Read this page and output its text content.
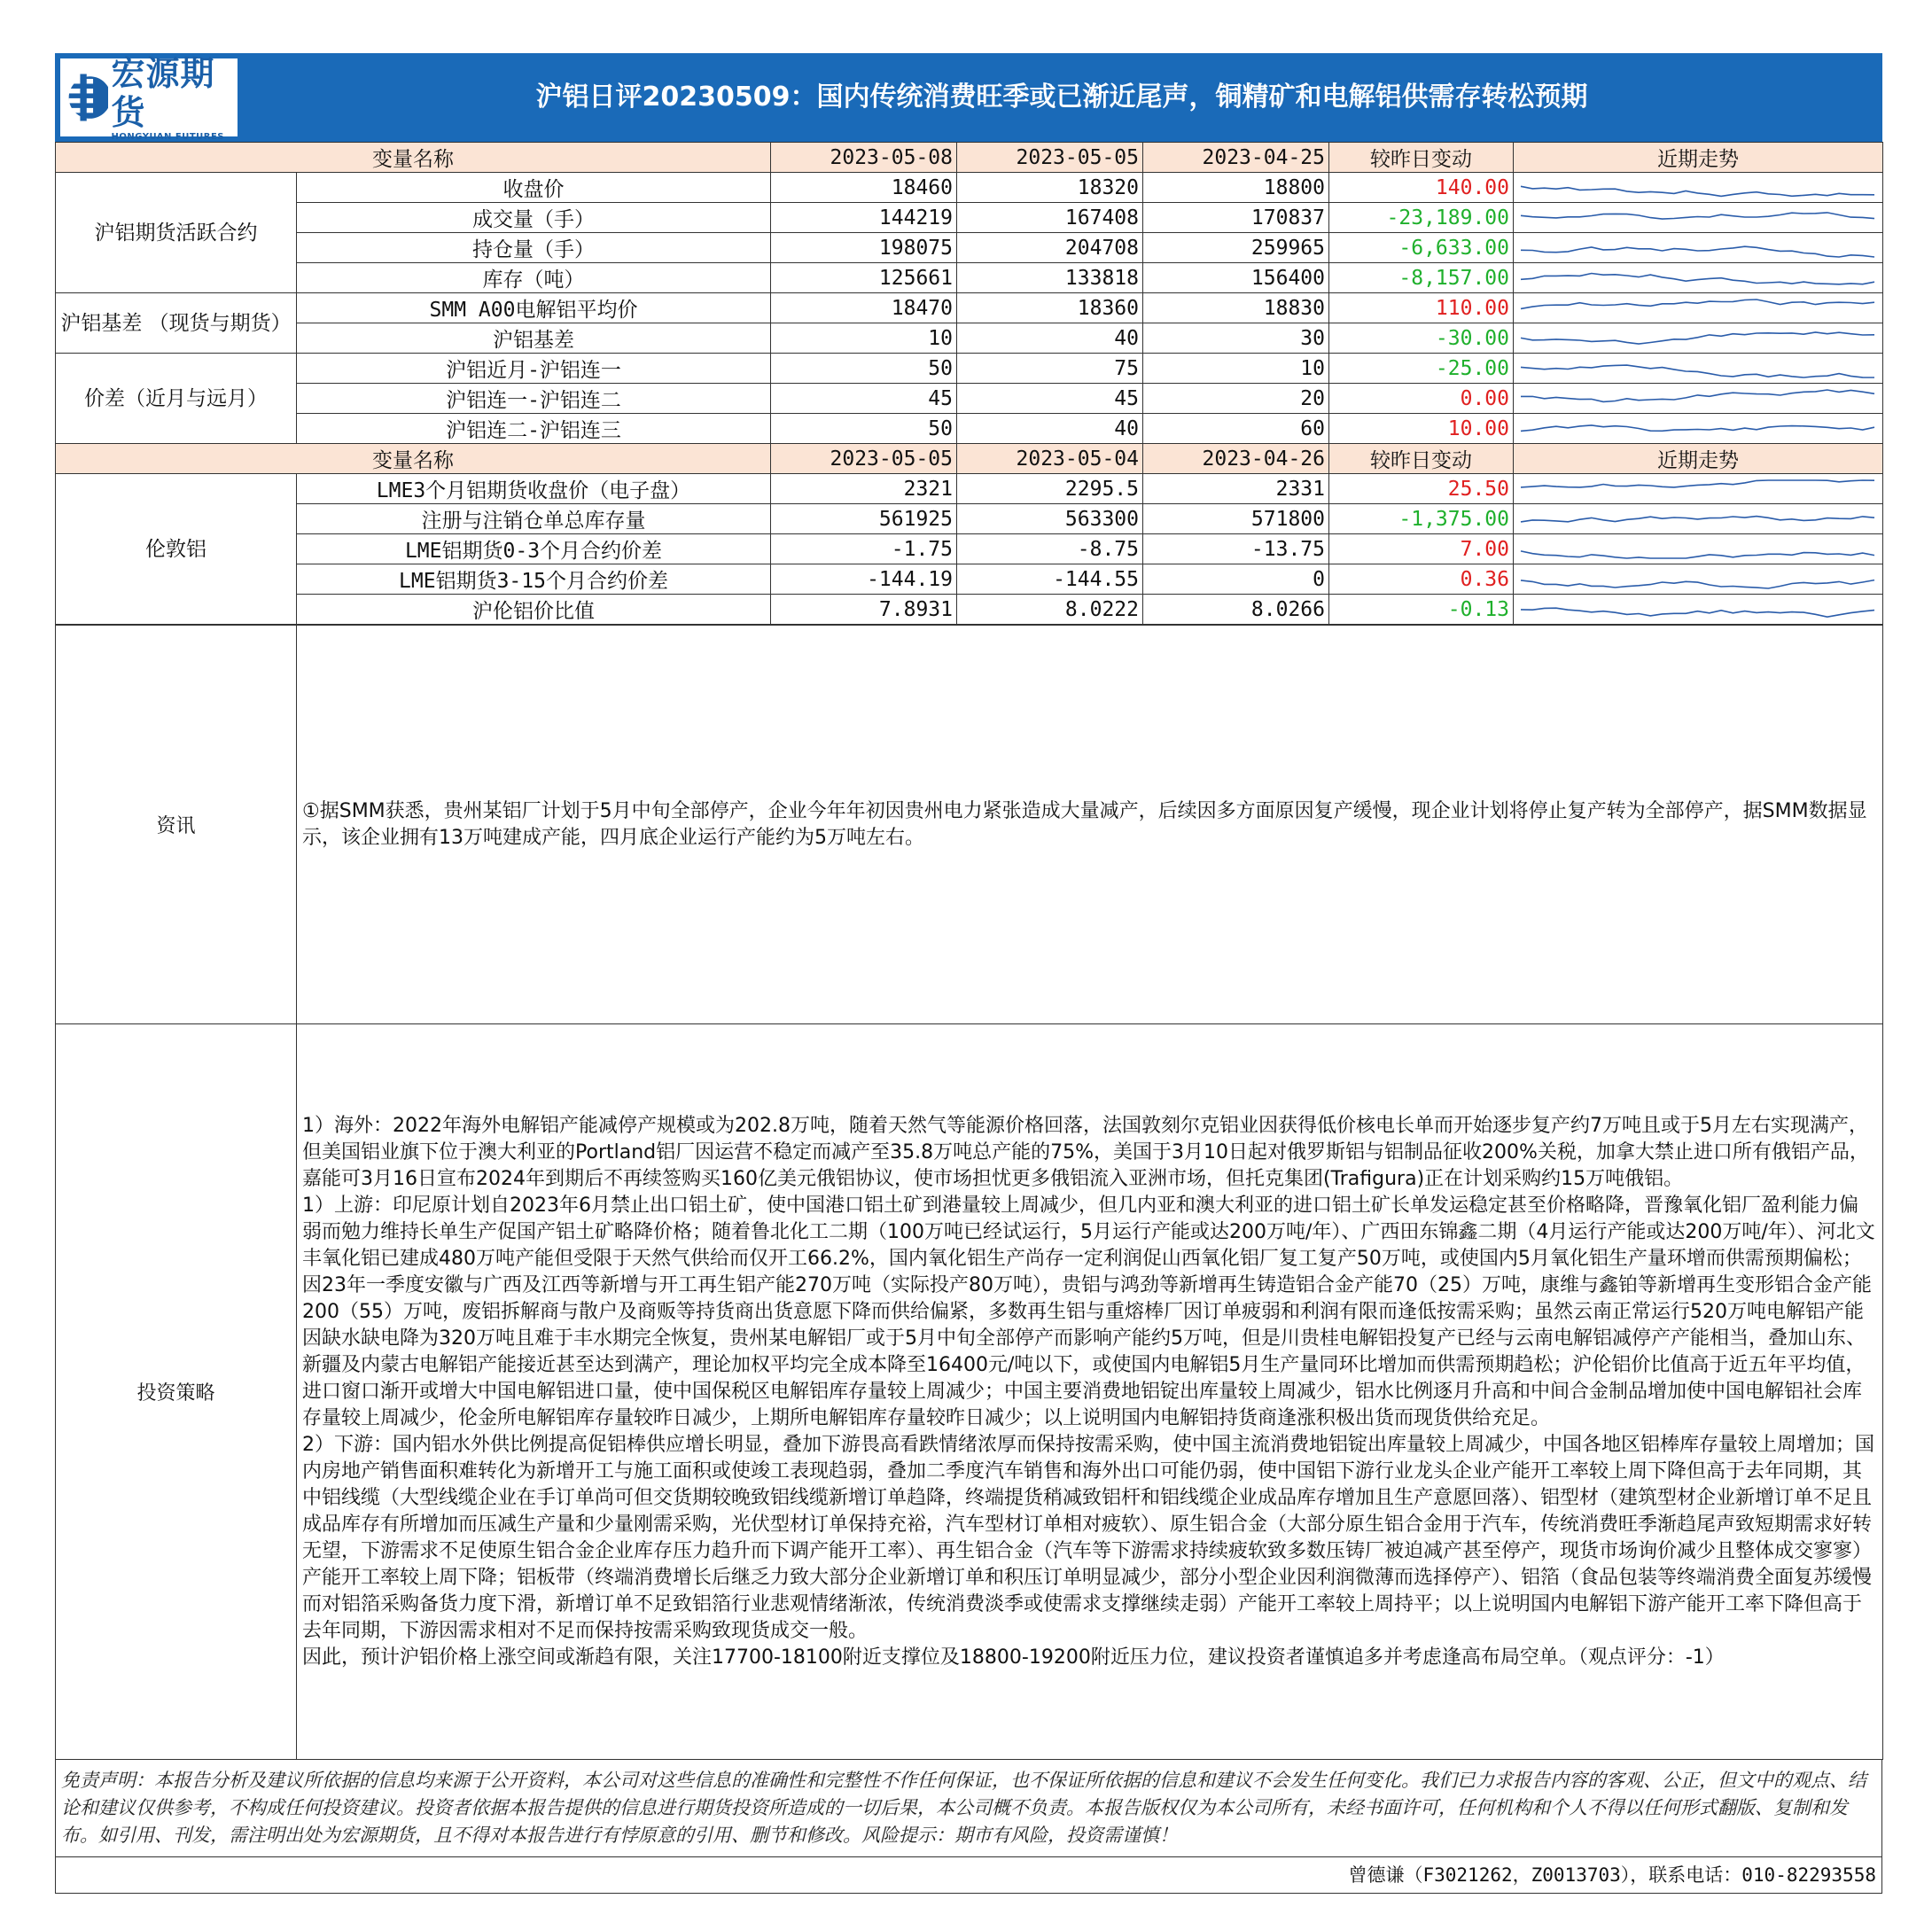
宏源期货
HONGYUAN FUTURES
沪铝日评20230509：国内传统消费旺季或已渐近尾声，铜精矿和电解铝供需存转松预期
变量名称		2023-05-08	2023-05-05	2023-04-25	较昨日变动	近期走势
沪铝期货活跃合约	收盘价	18460	18320	18800	140.00	

	成交量（手）	144219	167408	170837	-23,189.00	

	持仓量（手）	198075	204708	259965	-6,633.00	

	库存（吨）	125661	133818	156400	-8,157.00	

沪铝基差 （现货与期货）	SMM A00电解铝平均价	18470	18360	18830	110.00	

	沪铝基差	10	40	30	-30.00	

价差（近月与远月）	沪铝近月-沪铝连一	50	75	10	-25.00	

	沪铝连一-沪铝连二	45	45	20	0.00	

	沪铝连二-沪铝连三	50	40	60	10.00	

变量名称		2023-05-05	2023-05-04	2023-04-26	较昨日变动	近期走势
伦敦铝	LME3个月铝期货收盘价（电子盘）	2321	2295.5	2331	25.50	

	注册与注销仓单总库存量	561925	563300	571800	-1,375.00	

	LME铝期货0-3个月合约价差	-1.75	-8.75	-13.75	7.00	

	LME铝期货3-15个月合约价差	-144.19	-144.55	0	0.36	

	沪伦铝价比值	7.8931	8.0222	8.0266	-0.13	
资讯	①据SMM获悉，贵州某铝厂计划于5月中旬全部停产，企业今年年初因贵州电力紧张造成大量减产，后续因多方面原因复产缓慢，现企业计划将停止复产转为全部停产，据SMM数据显示，该企业拥有13万吨建成产能，四月底企业运行产能约为5万吨左右。
投资策略	1）海外：2022年海外电解铝产能减停产规模或为202.8万吨，随着天然气等能源价格回落，法国敦刻尔克铝业因获得低价核电长单而开始逐步复产约7万吨且或于5月左右实现满产，但美国铝业旗下位于澳大利亚的Portland铝厂因运营不稳定而减产至35.8万吨总产能的75%，美国于3月10日起对俄罗斯铝与铝制品征收200%关税，加拿大禁止进口所有俄铝产品，嘉能可3月16日宣布2024年到期后不再续签购买160亿美元俄铝协议，使市场担忧更多俄铝流入亚洲市场，但托克集团(Trafigura)正在计划采购约15万吨俄铝。
1）上游：印尼原计划自2023年6月禁止出口铝土矿，使中国港口铝土矿到港量较上周减少，但几内亚和澳大利亚的进口铝土矿长单发运稳定甚至价格略降，晋豫氧化铝厂盈利能力偏弱而勉力维持长单生产促国产铝土矿略降价格；随着鲁北化工二期（100万吨已经试运行，5月运行产能或达200万吨/年）、广西田东锦鑫二期（4月运行产能或达200万吨/年）、河北文丰氧化铝已建成480万吨产能但受限于天然气供给而仅开工66.2%，国内氧化铝生产尚存一定利润促山西氧化铝厂复工复产50万吨，或使国内5月氧化铝生产量环增而供需预期偏松；因23年一季度安徽与广西及江西等新增与开工再生铝产能270万吨（实际投产80万吨），贵铝与鸿劲等新增再生铸造铝合金产能70（25）万吨，康维与鑫铂等新增再生变形铝合金产能200（55）万吨，废铝拆解商与散户及商贩等持货商出货意愿下降而供给偏紧，多数再生铝与重熔棒厂因订单疲弱和利润有限而逢低按需采购；虽然云南正常运行520万吨电解铝产能因缺水缺电降为320万吨且难于丰水期完全恢复，贵州某电解铝厂或于5月中旬全部停产而影响产能约5万吨，但是川贵桂电解铝投复产已经与云南电解铝减停产产能相当，叠加山东、新疆及内蒙古电解铝产能接近甚至达到满产，理论加权平均完全成本降至16400元/吨以下，或使国内电解铝5月生产量同环比增加而供需预期趋松；沪伦铝价比值高于近五年平均值，进口窗口渐开或增大中国电解铝进口量，使中国保税区电解铝库存量较上周减少；中国主要消费地铝锭出库量较上周减少，铝水比例逐月升高和中间合金制品增加使中国电解铝社会库存量较上周减少，伦金所电解铝库存量较昨日减少，上期所电解铝库存量较昨日减少；以上说明国内电解铝持货商逢涨积极出货而现货供给充足。
2）下游：国内铝水外供比例提高促铝棒供应增长明显，叠加下游畏高看跌情绪浓厚而保持按需采购，使中国主流消费地铝锭出库量较上周减少，中国各地区铝棒库存量较上周增加；国内房地产销售面积难转化为新增开工与施工面积或使竣工表现趋弱，叠加二季度汽车销售和海外出口可能仍弱，使中国铝下游行业龙头企业产能开工率较上周下降但高于去年同期，其中铝线缆（大型线缆企业在手订单尚可但交货期较晚致铝线缆新增订单趋降，终端提货稍减致铝杆和铝线缆企业成品库存增加且生产意愿回落）、铝型材（建筑型材企业新增订单不足且成品库存有所增加而压减生产量和少量刚需采购，光伏型材订单保持充裕，汽车型材订单相对疲软）、原生铝合金（大部分原生铝合金用于汽车，传统消费旺季渐趋尾声致短期需求好转无望，下游需求不足使原生铝合金企业库存压力趋升而下调产能开工率）、再生铝合金（汽车等下游需求持续疲软致多数压铸厂被迫减产甚至停产，现货市场询价减少且整体成交寥寥）产能开工率较上周下降；铝板带（终端消费增长后继乏力致大部分企业新增订单和积压订单明显减少，部分小型企业因利润微薄而选择停产）、铝箔（食品包装等终端消费全面复苏缓慢而对铝箔采购备货力度下滑，新增订单不足致铝箔行业悲观情绪渐浓，传统消费淡季或使需求支撑继续走弱）产能开工率较上周持平；以上说明国内电解铝下游产能开工率下降但高于去年同期，下游因需求相对不足而保持按需采购致现货成交一般。
因此，预计沪铝价格上涨空间或渐趋有限，关注17700-18100附近支撑位及18800-19200附近压力位，建议投资者谨慎追多并考虑逢高布局空单。（观点评分：-1）
免责声明：本报告分析及建议所依据的信息均来源于公开资料，本公司对这些信息的准确性和完整性不作任何保证，也不保证所依据的信息和建议不会发生任何变化。我们已力求报告内容的客观、公正，但文中的观点、结论和建议仅供参考，不构成任何投资建议。投资者依据本报告提供的信息进行期货投资所造成的一切后果，本公司概不负责。本报告版权仅为本公司所有，未经书面许可，任何机构和个人不得以任何形式翻版、复制和发布。如引用、刊发，需注明出处为宏源期货，且不得对本报告进行有悖原意的引用、删节和修改。风险提示：期市有风险，投资需谨慎！
曾德谦（F3021262，Z0013703），联系电话：010-82293558
